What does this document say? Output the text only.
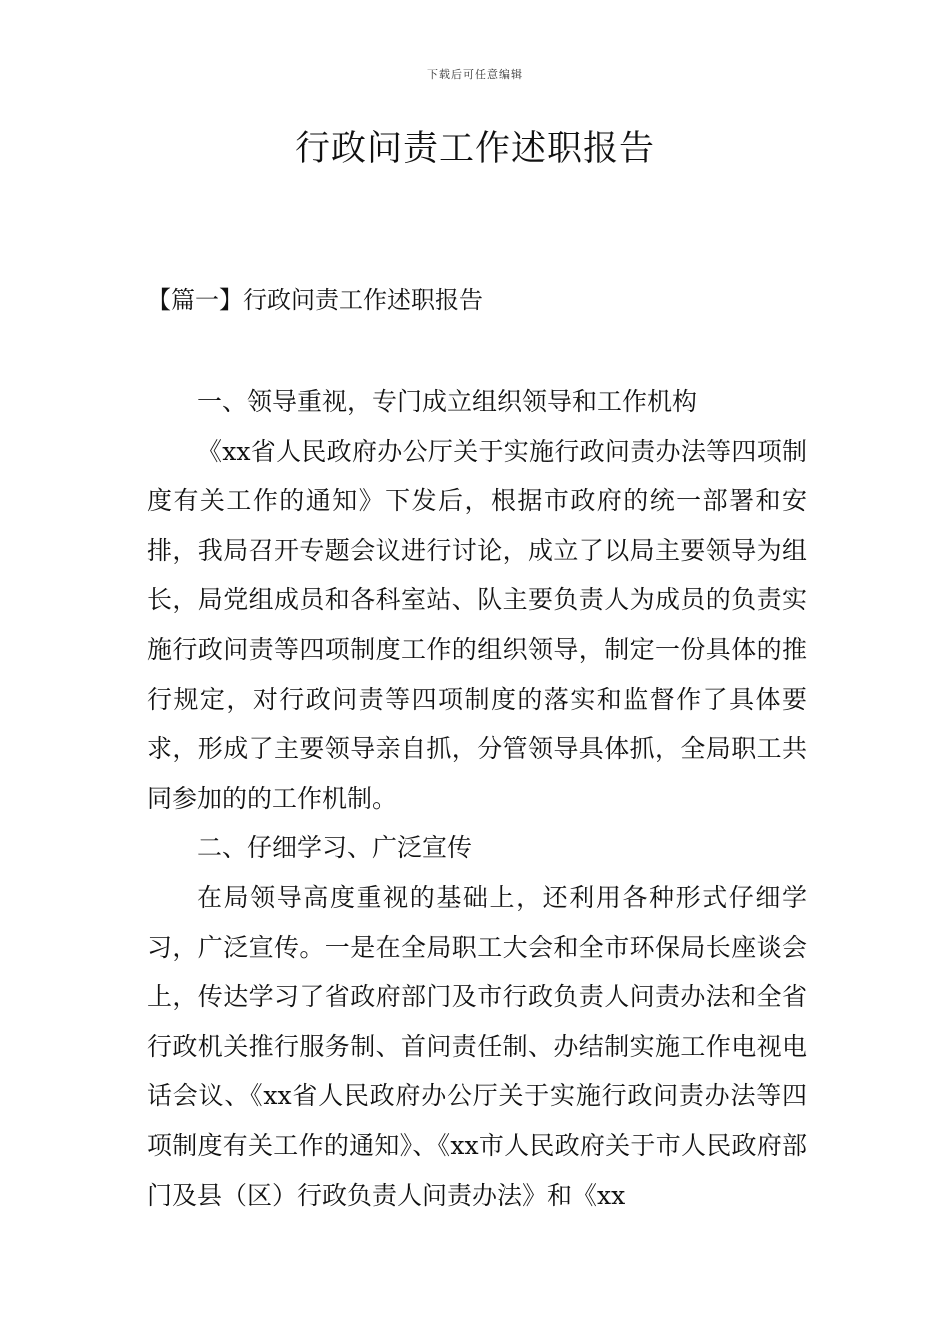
下载后可任意编辑
行政问责工作述职报告
【篇一】行政问责工作述职报告

一、领导重视，专门成立组织领导和工作机构

《xx省人民政府办公厅关于实施行政问责办法等四项制度有关工作的通知》下发后，根据市政府的统一部署和安排，我局召开专题会议进行讨论，成立了以局主要领导为组长，局党组成员和各科室站、队主要负责人为成员的负责实施行政问责等四项制度工作的组织领导，制定一份具体的推行规定，对行政问责等四项制度的落实和监督作了具体要求，形成了主要领导亲自抓，分管领导具体抓，全局职工共同参加的的工作机制。

二、仔细学习、广泛宣传

在局领导高度重视的基础上，还利用各种形式仔细学习，广泛宣传。一是在全局职工大会和全市环保局长座谈会上，传达学习了省政府部门及市行政负责人问责办法和全省行政机关推行服务制、首问责任制、办结制实施工作电视电话会议、《xx省人民政府办公厅关于实施行政问责办法等四项制度有关工作的通知》、《xx市人民政府关于市人民政府部门及县（区）行政负责人问责办法》和《xx
